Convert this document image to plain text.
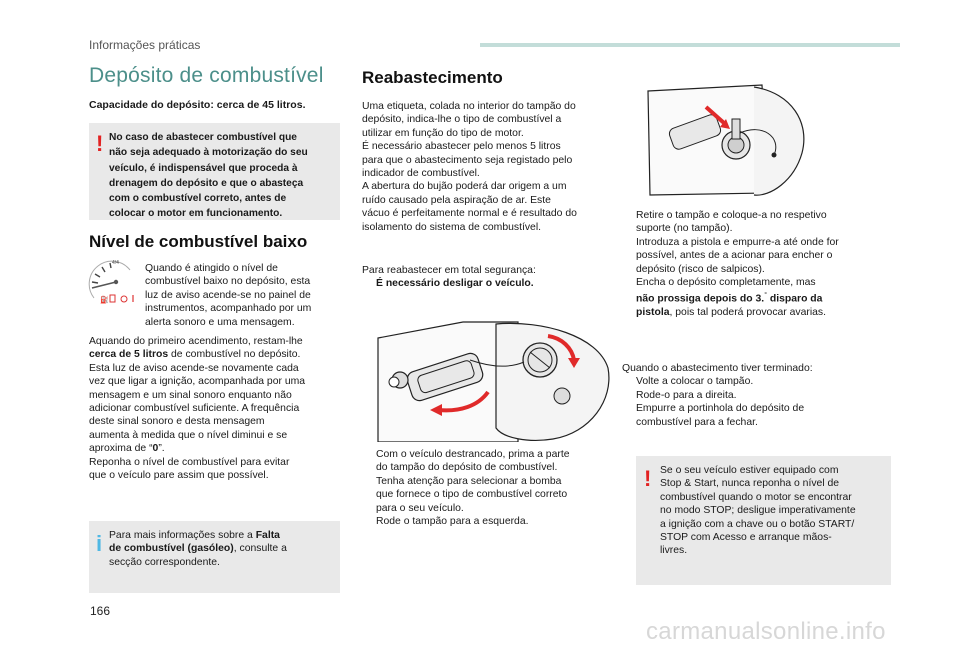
Informações práticas
Depósito de combustível
Capacidade do depósito: cerca de 45 litros.
! No caso de abastecer combustível que
não seja adequado à motorização do seu
veículo, é indispensável que proceda à
drenagem do depósito e que o abasteça
com o combustível correto, antes de
colocar o motor em funcionamento.
Nível de combustível baixo
4/4
⛽
Quando é atingido o nível de
combustível baixo no depósito, esta
luz de aviso acende-se no painel de
instrumentos, acompanhado por um
alerta sonoro e uma mensagem.
Aquando do primeiro acendimento, restam-lhe
cerca de 5 litros de combustível no depósito.
Esta luz de aviso acende-se novamente cada
vez que ligar a ignição, acompanhada por uma
mensagem e um sinal sonoro enquanto não
adicionar combustível suficiente. A frequência
deste sinal sonoro e desta mensagem
aumenta à medida que o nível diminui e se
aproxima de “0”.
Reponha o nível de combustível para evitar
que o veículo pare assim que possível.
i Para mais informações sobre a Falta
de combustível (gasóleo), consulte a
secção correspondente.
Reabastecimento
Uma etiqueta, colada no interior do tampão do
depósito, indica-lhe o tipo de combustível a
utilizar em função do tipo de motor.
É necessário abastecer pelo menos 5 litros
para que o abastecimento seja registado pelo
indicador de combustível.
A abertura do bujão poderá dar origem a um
ruído causado pela aspiração de ar. Este
vácuo é perfeitamente normal e é resultado do
isolamento do sistema de combustível.
Para reabastecer em total segurança:
É necessário desligar o veículo.
Com o veículo destrancado, prima a parte
do tampão do depósito de combustível.
Tenha atenção para selecionar a bomba
que fornece o tipo de combustível correto
para o seu veículo.
Rode o tampão para a esquerda.
Retire o tampão e coloque-a no respetivo
suporte (no tampão).
Introduza a pistola e empurre-a até onde for
possível, antes de a acionar para encher o
depósito (risco de salpicos).
Encha o depósito completamente, mas
não prossiga depois do 3.° disparo da
pistola, pois tal poderá provocar avarias.
Quando o abastecimento tiver terminado:
Volte a colocar o tampão.
Rode-o para a direita.
Empurre a portinhola do depósito de
combustível para a fechar.
! Se o seu veículo estiver equipado com
Stop & Start, nunca reponha o nível de
combustível quando o motor se encontrar
no modo STOP; desligue imperativamente
a ignição com a chave ou o botão START/
STOP com Acesso e arranque mãos-
livres.
166
carmanualsonline.info
